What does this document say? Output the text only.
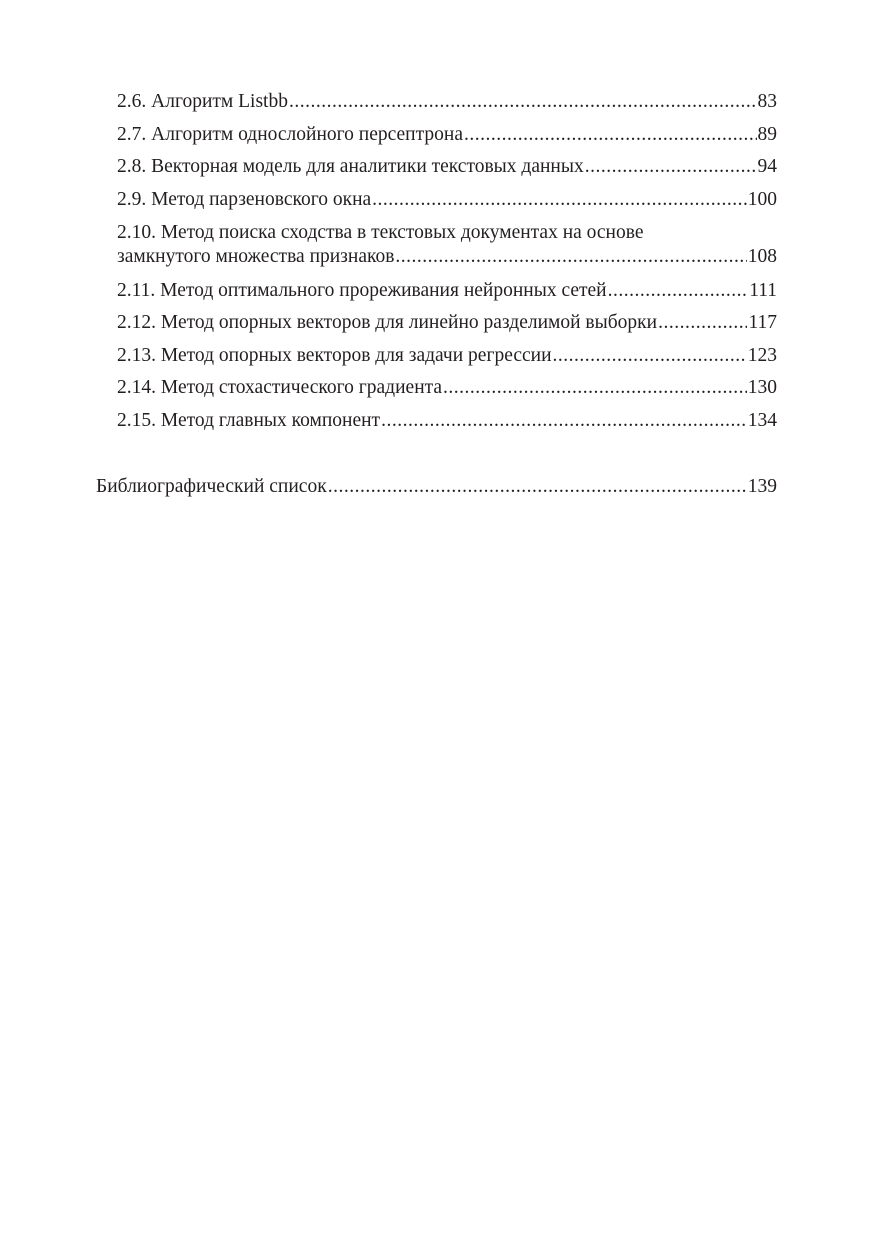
2.6. Алгоритм Listbb .....	83
2.7. Алгоритм однослойного персептрона .....	89
2.8. Векторная модель для аналитики текстовых данных .....	94
2.9. Метод парзеновского окна .....	100
2.10. Метод поиска сходства в текстовых документах на основе
замкнутого множества признаков .....	108
2.11. Метод оптимального прореживания нейронных сетей .....	111
2.12. Метод опорных векторов для линейно разделимой выборки .....	117
2.13. Метод опорных векторов для задачи регрессии .....	123
2.14. Метод стохастического градиента .....	130
2.15. Метод главных компонент .....	134
Библиографический список .....	139
